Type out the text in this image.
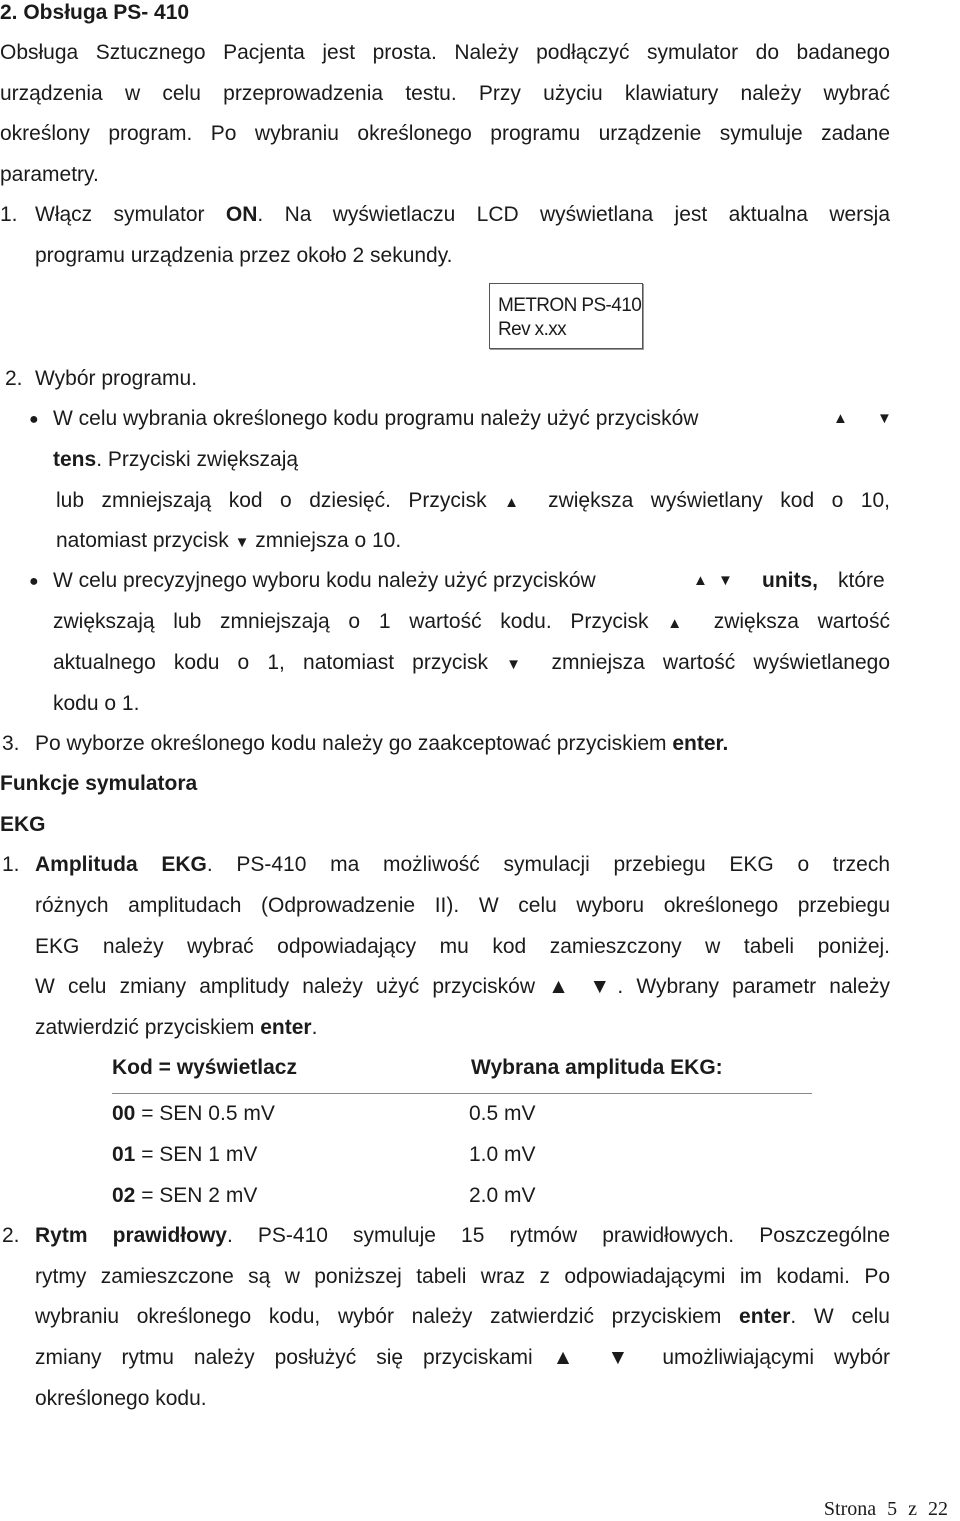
2. Obsługa PS- 410
Obsługa Sztucznego Pacjenta jest prosta. Należy podłączyć symulator do badanego
urządzenia w celu przeprowadzenia testu. Przy użyciu klawiatury należy wybrać
określony program. Po wybraniu określonego programu urządzenie symuluje zadane
parametry.
1. Włącz symulator ON. Na wyświetlaczu LCD wyświetlana jest aktualna wersja
programu urządzenia przez około 2 sekundy.
METRON PS-410
Rev x.xx
2. Wybór programu.
● W celu wybrania określonego kodu programu należy użyć przycisków	▲ ▼
tens. Przyciski zwiększają
lub zmniejszają kod o dziesięć. Przycisk ▲ zwiększa wyświetlany kod o 10,
natomiast przycisk ▼ zmniejsza o 10.
● W celu precyzyjnego wyboru kodu należy użyć przycisków	▲ ▼ units, które
zwiększają lub zmniejszają o 1 wartość kodu. Przycisk ▲ zwiększa wartość
aktualnego kodu o 1, natomiast przycisk ▼ zmniejsza wartość wyświetlanego
kodu o 1.
3. Po wyborze określonego kodu należy go zaakceptować przyciskiem enter.
Funkcje symulatora
EKG
1. Amplituda EKG. PS-410 ma możliwość symulacji przebiegu EKG o trzech
różnych amplitudach (Odprowadzenie II). W celu wyboru określonego przebiegu
EKG należy wybrać odpowiadający mu kod zamieszczony w tabeli poniżej.
W celu zmiany amplitudy należy użyć przycisków ▲ ▼. Wybrany parametr należy
zatwierdzić przyciskiem enter.
Kod = wyświetlacz	Wybrana amplituda EKG:
00 = SEN 0.5 mV	0.5 mV
01 = SEN 1 mV	1.0 mV
02 = SEN 2 mV	2.0 mV
2. Rytm prawidłowy. PS-410 symuluje 15 rytmów prawidłowych. Poszczególne
rytmy zamieszczone są w poniższej tabeli wraz z odpowiadającymi im kodami. Po
wybraniu określonego kodu, wybór należy zatwierdzić przyciskiem enter. W celu
zmiany rytmu należy posłużyć się przyciskami ▲ ▼ umożliwiającymi wybór
określonego kodu.
Strona 5 z 22
